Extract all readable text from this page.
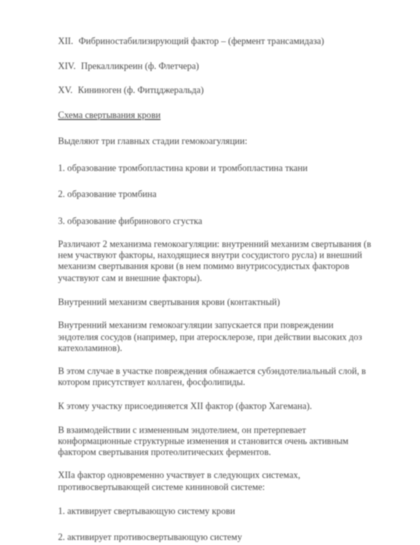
XII. Фибриностабилизирующий фактор – (фермент трансамидаза)
XIV. Прекалликреин (ф. Флетчера)
XV. Кининоген (ф. Фитцджеральда)
Схема свертывания крови
Выделяют три главных стадии гемокоагуляции:
1. образование тромбопластина крови и тромбопластина ткани
2. образование тромбина
3. образование фибринового сгустка
Различают 2 механизма гемокоагуляции: внутренний механизм свертывания (в нем участвуют факторы, находящиеся внутри сосудистого русла) и внешний механизм свертывания крови (в нем помимо внутрисосудистых факторов участвуют сам и внешние факторы).
Внутренний механизм свертывания крови (контактный)
Внутренний механизм гемокоагуляции запускается при повреждении эндотелия сосудов (например, при атеросклерозе, при действии высоких доз катехоламинов).
В этом случае в участке повреждения обнажается субэндотелиальный слой, в котором присутствует коллаген, фосфолипиды.
К этому участку присоединяется XII фактор (фактор Хагемана).
В взаимодействии с измененным эндотелием, он претерпевает конформационные структурные изменения и становится очень активным фактором свертывания протеолитических ферментов.
XIIa фактор одновременно участвует в следующих системах, противосвертывающей системе кининовой системе:
1. активирует свертывающую систему крови
2. активирует противосвертывающую систему
